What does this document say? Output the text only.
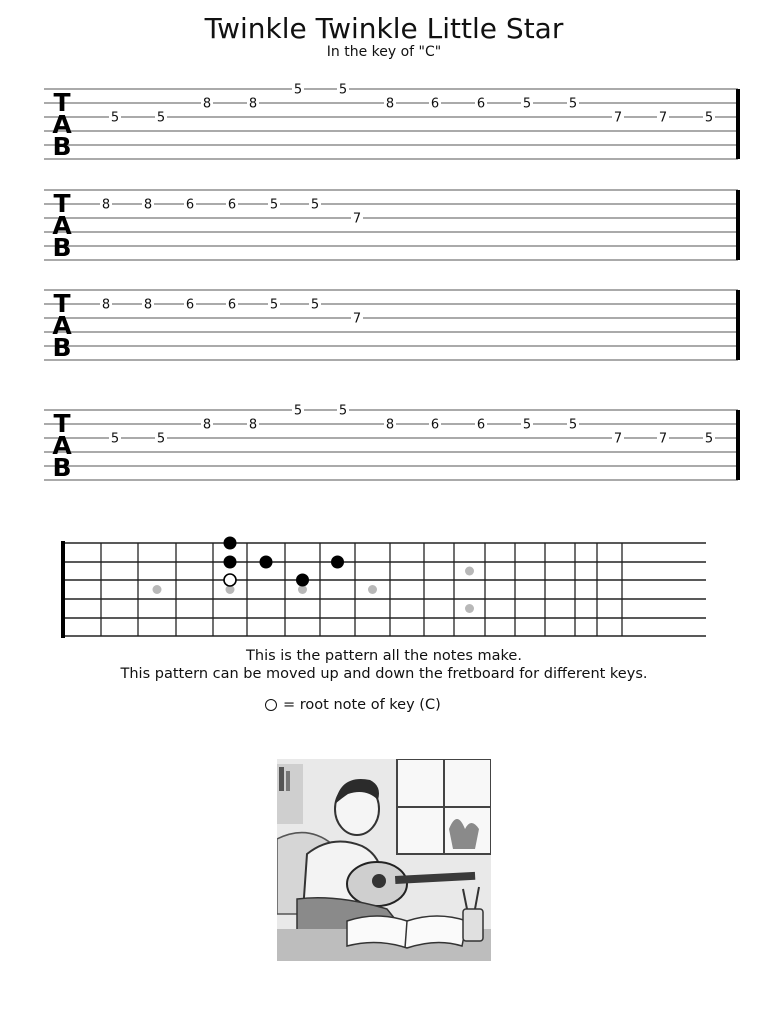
Twinkle Twinkle Little Star
In the key of "C"
T
A
B
5	5
8	8
5	5
8	6	6	5	5
7	7	5
T
A
B
8	8	6	6	5	5
7
T
A
B
8	8	6	6	5	5
7
T
A
B
5	5
8	8
5	5
8	6	6	5	5
7	7	5
This is the pattern all the notes make.
This pattern can be moved up and down the fretboard for different keys.
= root note of key (C)
